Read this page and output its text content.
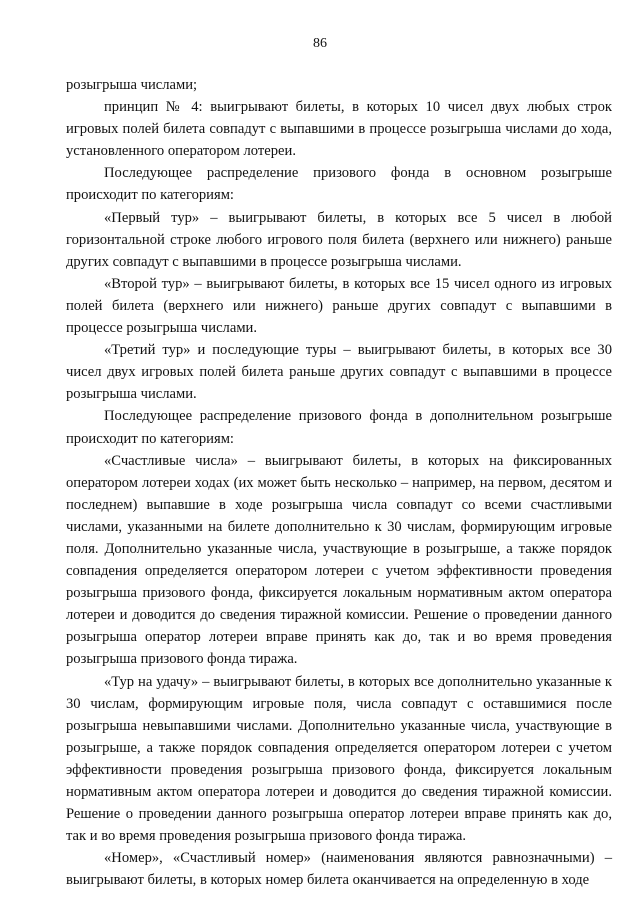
86

розыгрыша числами;

принцип № 4: выигрывают билеты, в которых 10 чисел двух любых строк игровых полей билета совпадут с выпавшими в процессе розыгрыша числами до хода, установленного оператором лотереи.

Последующее распределение призового фонда в основном розыгрыше происходит по категориям:

«Первый тур» – выигрывают билеты, в которых все 5 чисел в любой горизонтальной строке любого игрового поля билета (верхнего или нижнего) раньше других совпадут с выпавшими в процессе розыгрыша числами.

«Второй тур» – выигрывают билеты, в которых все 15 чисел одного из игровых полей билета (верхнего или нижнего) раньше других совпадут с выпавшими в процессе розыгрыша числами.

«Третий тур» и последующие туры – выигрывают билеты, в которых все 30 чисел двух игровых полей билета раньше других совпадут с выпавшими в процессе розыгрыша числами.

Последующее распределение призового фонда в дополнительном розыгрыше происходит по категориям:

«Счастливые числа» – выигрывают билеты, в которых на фиксированных оператором лотереи ходах (их может быть несколько – например, на первом, десятом и последнем) выпавшие в ходе розыгрыша числа совпадут со всеми счастливыми числами, указанными на билете дополнительно к 30 числам, формирующим игровые поля. Дополнительно указанные числа, участвующие в розыгрыше, а также порядок совпадения определяется оператором лотереи с учетом эффективности проведения розыгрыша призового фонда, фиксируется локальным нормативным актом оператора лотереи и доводится до сведения тиражной комиссии. Решение о проведении данного розыгрыша оператор лотереи вправе принять как до, так и во время проведения розыгрыша призового фонда тиража.

«Тур на удачу» – выигрывают билеты, в которых все дополнительно указанные к 30 числам, формирующим игровые поля, числа совпадут с оставшимися после розыгрыша невыпавшими числами. Дополнительно указанные числа, участвующие в розыгрыше, а также порядок совпадения определяется оператором лотереи с учетом эффективности проведения розыгрыша призового фонда, фиксируется локальным нормативным актом оператора лотереи и доводится до сведения тиражной комиссии. Решение о проведении данного розыгрыша оператор лотереи вправе принять как до, так и во время проведения розыгрыша призового фонда тиража.

«Номер», «Счастливый номер» (наименования являются равнозначными) – выигрывают билеты, в которых номер билета оканчивается на определенную в ходе
